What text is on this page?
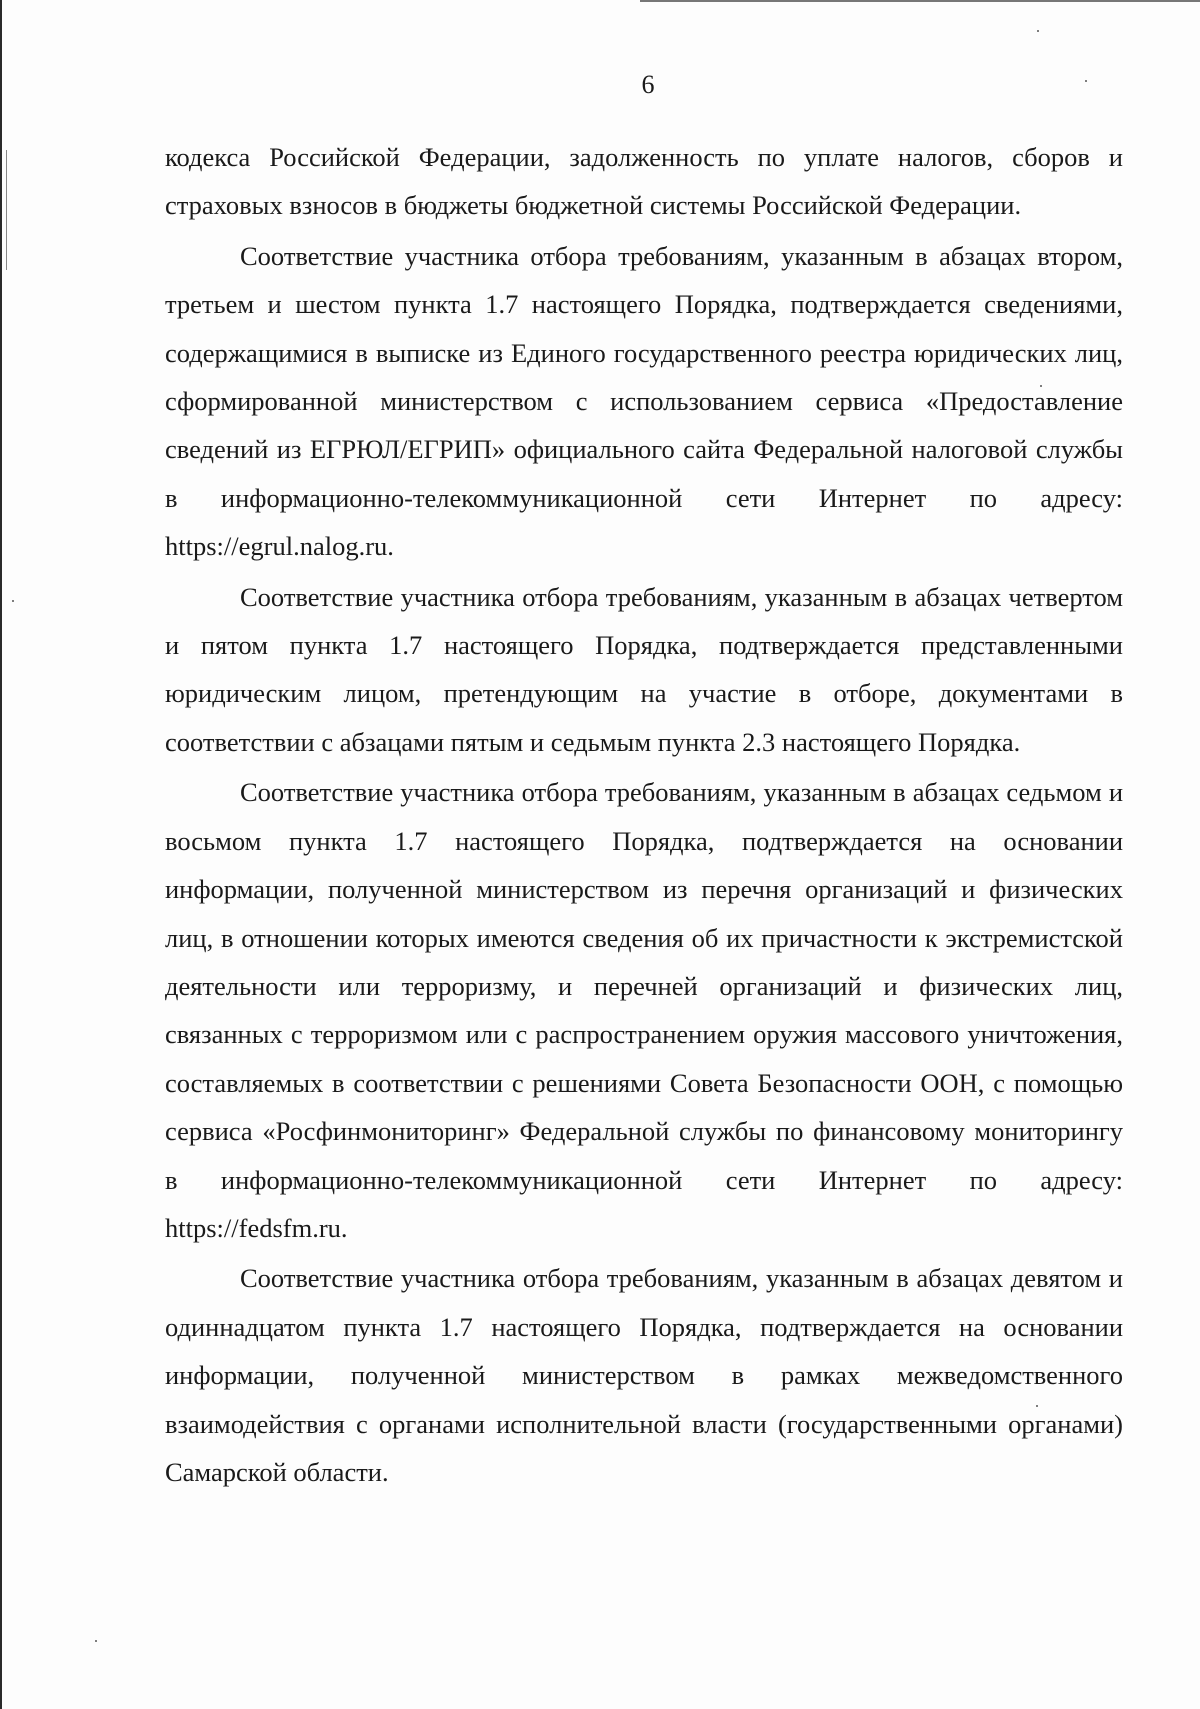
6

кодекса Российской Федерации, задолженность по уплате налогов, сборов и страховых взносов в бюджеты бюджетной системы Российской Федерации.

Соответствие участника отбора требованиям, указанным в абзацах втором, третьем и шестом пункта 1.7 настоящего Порядка, подтверждается сведениями, содержащимися в выписке из Единого государственного реестра юридических лиц, сформированной министерством с использованием сервиса «Предоставление сведений из ЕГРЮЛ/ЕГРИП» официального сайта Федеральной налоговой службы в информационно-телекоммуникационной сети Интернет по адресу: https://egrul.nalog.ru.

Соответствие участника отбора требованиям, указанным в абзацах четвертом и пятом пункта 1.7 настоящего Порядка, подтверждается представленными юридическим лицом, претендующим на участие в отборе, документами в соответствии с абзацами пятым и седьмым пункта 2.3 настоящего Порядка.

Соответствие участника отбора требованиям, указанным в абзацах седьмом и восьмом пункта 1.7 настоящего Порядка, подтверждается на основании информации, полученной министерством из перечня организаций и физических лиц, в отношении которых имеются сведения об их причастности к экстремистской деятельности или терроризму, и перечней организаций и физических лиц, связанных с терроризмом или с распространением оружия массового уничтожения, составляемых в соответствии с решениями Совета Безопасности ООН, с помощью сервиса «Росфинмониторинг» Федеральной службы по финансовому мониторингу в информационно-телекоммуникационной сети Интернет по адресу: https://fedsfm.ru.

Соответствие участника отбора требованиям, указанным в абзацах девятом и одиннадцатом пункта 1.7 настоящего Порядка, подтверждается на основании информации, полученной министерством в рамках межведомственного взаимодействия с органами исполнительной власти (государственными органами) Самарской области.
